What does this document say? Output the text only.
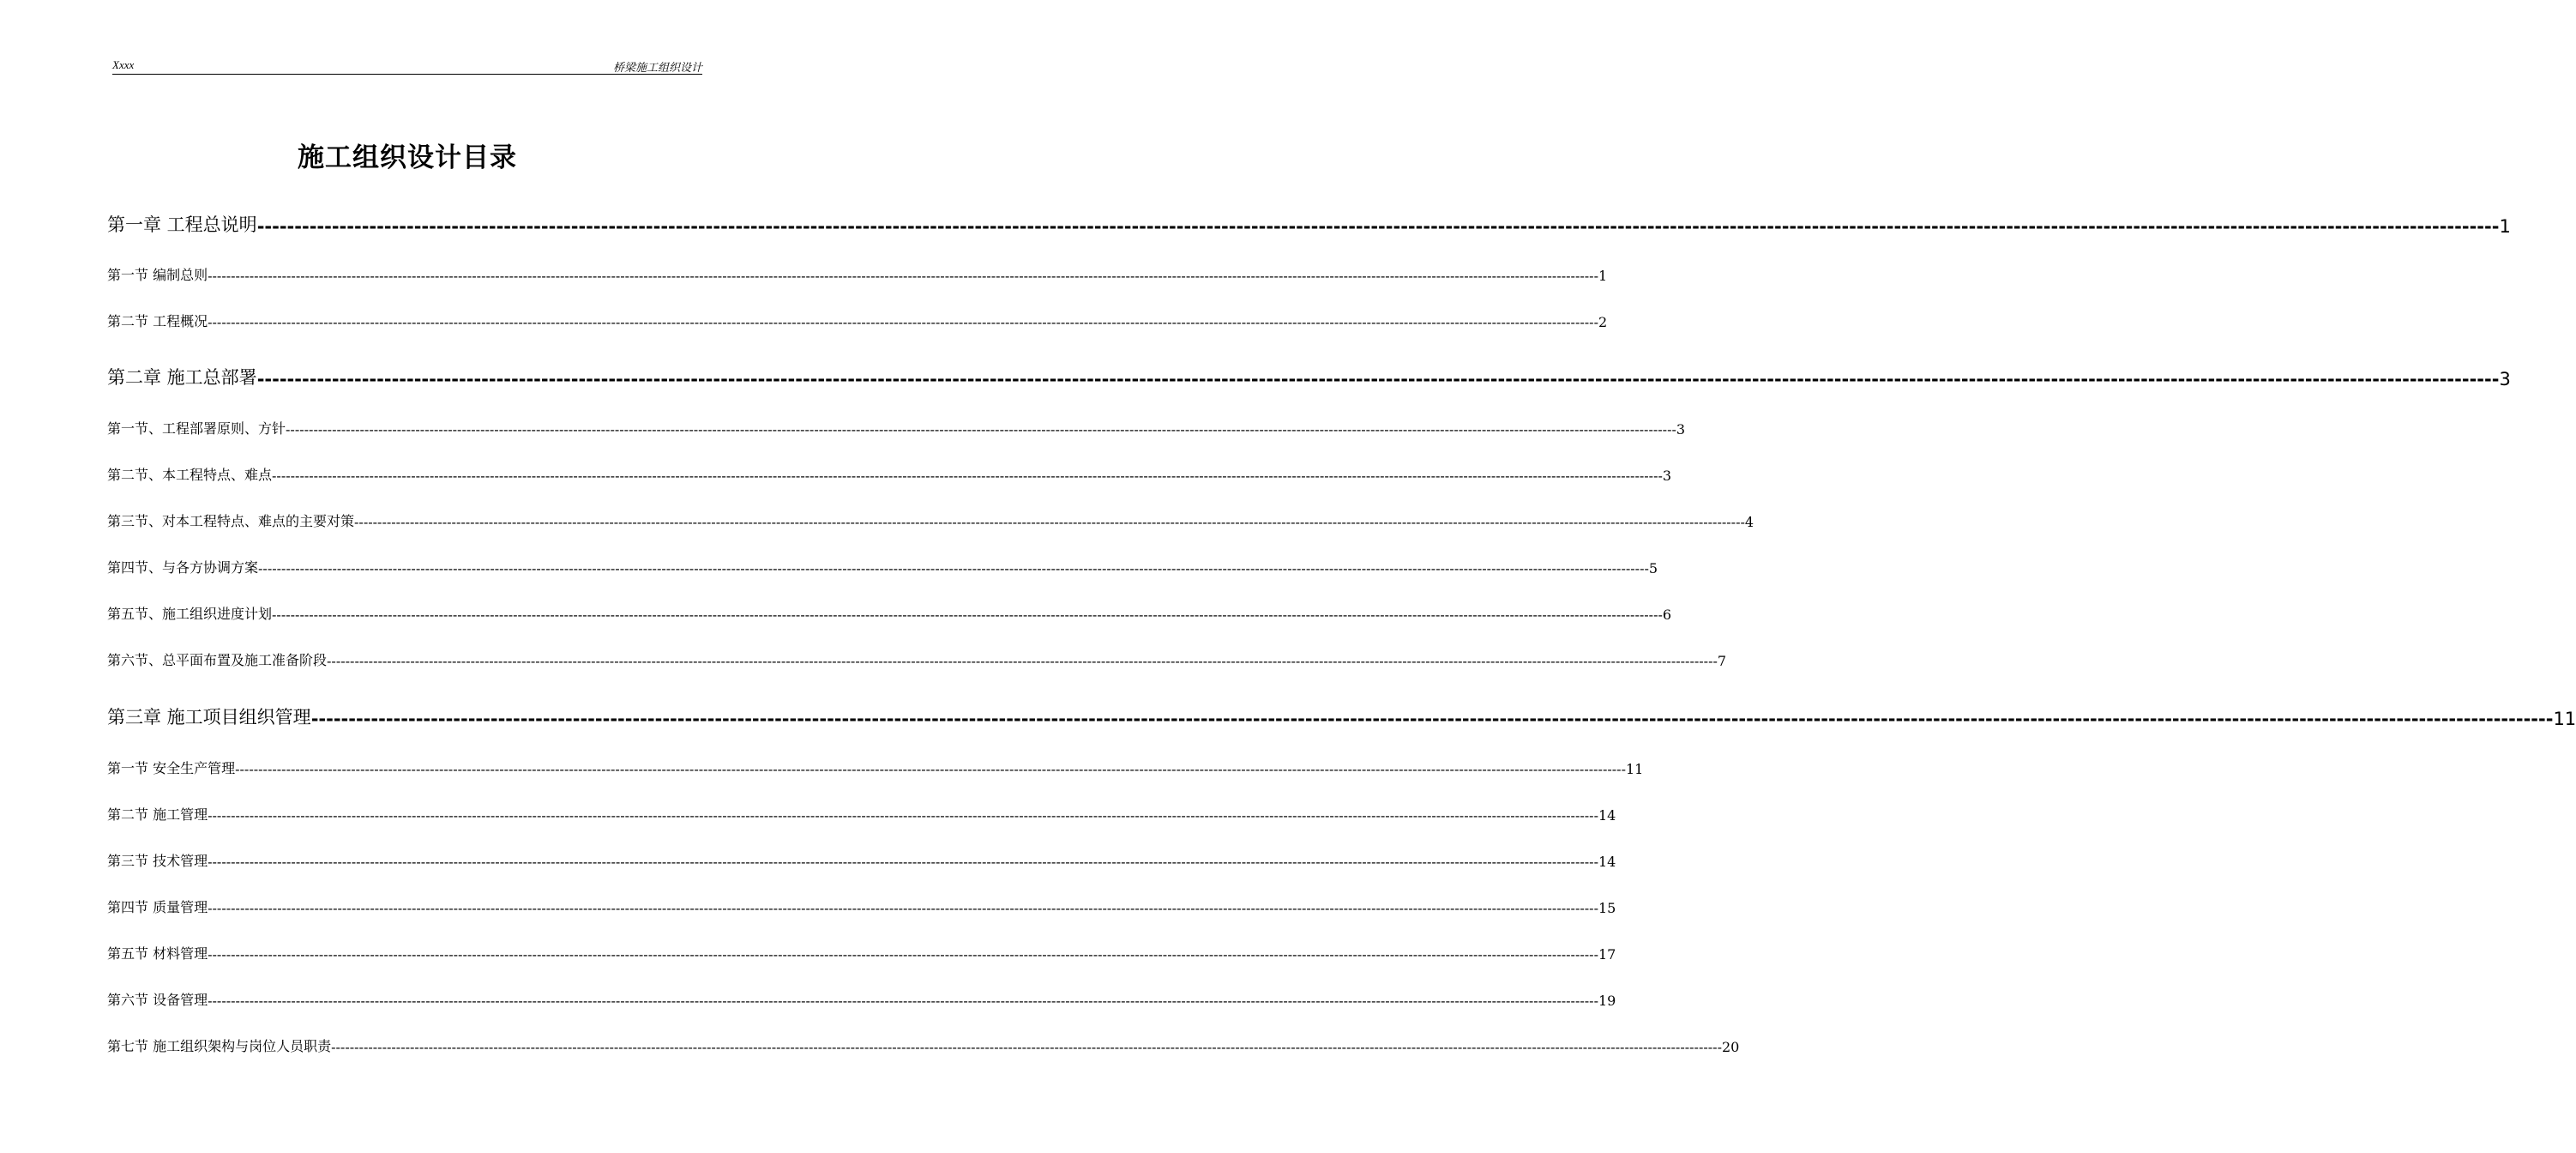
Xxxx	桥梁施工组织设计
施工组织设计目录
第一章 工程总说明 ------------------------------------------------------------------------------------------------------------------------------------------------------------------------------------------------------------------------------------------------------------------------------------------------------------ 1
第一节 编制总则 ------------------------------------------------------------------------------------------------------------------------------------------------------------------------------------------------------------------------------------------------------------------------------------------------------------ 1
第二节 工程概况 ------------------------------------------------------------------------------------------------------------------------------------------------------------------------------------------------------------------------------------------------------------------------------------------------------------ 2
第二章 施工总部署 ------------------------------------------------------------------------------------------------------------------------------------------------------------------------------------------------------------------------------------------------------------------------------------------------------------ 3
第一节、工程部署原则、方针 ------------------------------------------------------------------------------------------------------------------------------------------------------------------------------------------------------------------------------------------------------------------------------------------------------------ 3
第二节、本工程特点、难点 ------------------------------------------------------------------------------------------------------------------------------------------------------------------------------------------------------------------------------------------------------------------------------------------------------------ 3
第三节、对本工程特点、难点的主要对策 ------------------------------------------------------------------------------------------------------------------------------------------------------------------------------------------------------------------------------------------------------------------------------------------------------------ 4
第四节、与各方协调方案 ------------------------------------------------------------------------------------------------------------------------------------------------------------------------------------------------------------------------------------------------------------------------------------------------------------ 5
第五节、施工组织进度计划 ------------------------------------------------------------------------------------------------------------------------------------------------------------------------------------------------------------------------------------------------------------------------------------------------------------ 6
第六节、总平面布置及施工准备阶段 ------------------------------------------------------------------------------------------------------------------------------------------------------------------------------------------------------------------------------------------------------------------------------------------------------------ 7
第三章 施工项目组织管理 ------------------------------------------------------------------------------------------------------------------------------------------------------------------------------------------------------------------------------------------------------------------------------------------------------------ 11
第一节 安全生产管理 ------------------------------------------------------------------------------------------------------------------------------------------------------------------------------------------------------------------------------------------------------------------------------------------------------------ 11
第二节 施工管理 ------------------------------------------------------------------------------------------------------------------------------------------------------------------------------------------------------------------------------------------------------------------------------------------------------------ 14
第三节 技术管理 ------------------------------------------------------------------------------------------------------------------------------------------------------------------------------------------------------------------------------------------------------------------------------------------------------------ 14
第四节 质量管理 ------------------------------------------------------------------------------------------------------------------------------------------------------------------------------------------------------------------------------------------------------------------------------------------------------------ 15
第五节 材料管理 ------------------------------------------------------------------------------------------------------------------------------------------------------------------------------------------------------------------------------------------------------------------------------------------------------------ 17
第六节 设备管理 ------------------------------------------------------------------------------------------------------------------------------------------------------------------------------------------------------------------------------------------------------------------------------------------------------------ 19
第七节 施工组织架构与岗位人员职责 ------------------------------------------------------------------------------------------------------------------------------------------------------------------------------------------------------------------------------------------------------------------------------------------------------------ 20
